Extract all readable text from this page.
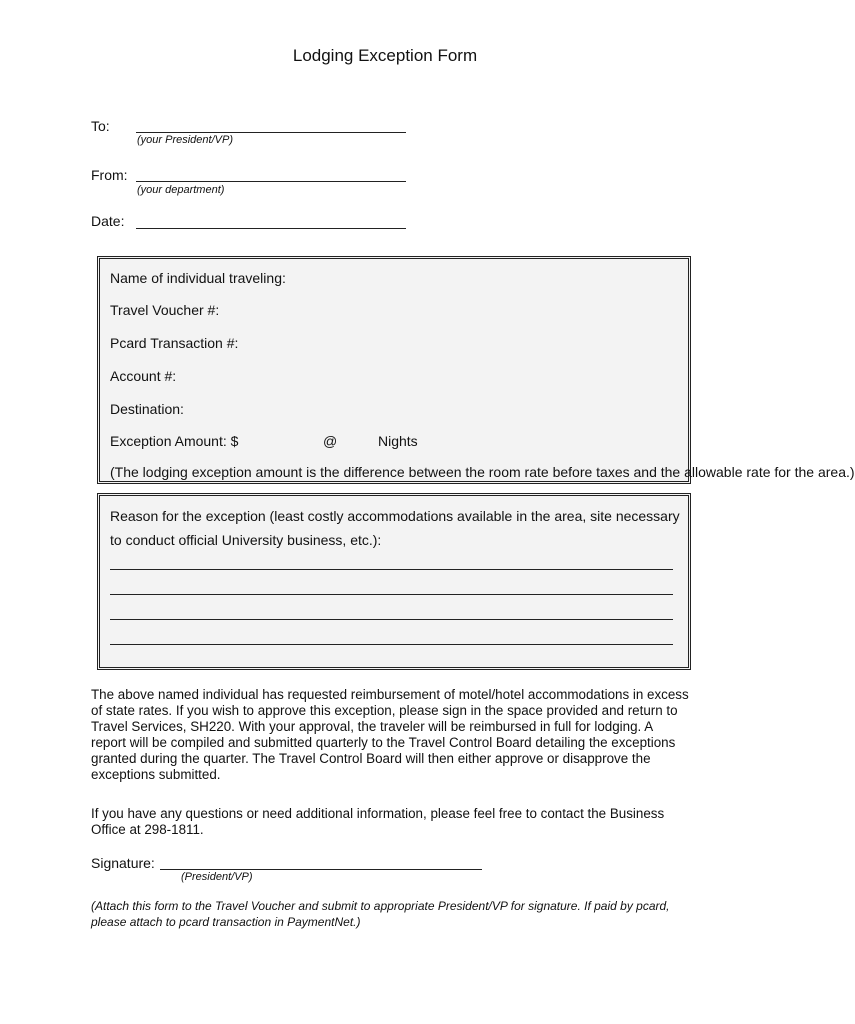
Lodging Exception Form
To:
(your President/VP)
From:
(your department)
Date:
Name of individual traveling:
Travel Voucher #:
Pcard Transaction #:
Account #:
Destination:
Exception Amount: $	@	Nights
(The lodging exception amount is the difference between the room rate before taxes and the allowable rate for the area.)
Reason for the exception (least costly accommodations available in the area, site necessary
to conduct official University business, etc.):
The above named individual has requested reimbursement of motel/hotel accommodations in excess of state rates. If you wish to approve this exception, please sign in the space provided and return to Travel Services, SH220. With your approval, the traveler will be reimbursed in full for lodging. A report will be compiled and submitted quarterly to the Travel Control Board detailing the exceptions granted during the quarter. The Travel Control Board will then either approve or disapprove the exceptions submitted.
If you have any questions or need additional information, please feel free to contact the Business Office at 298-1811.
Signature:
(President/VP)
(Attach this form to the Travel Voucher and submit to appropriate President/VP for signature. If paid by pcard, please attach to pcard transaction in PaymentNet.)
